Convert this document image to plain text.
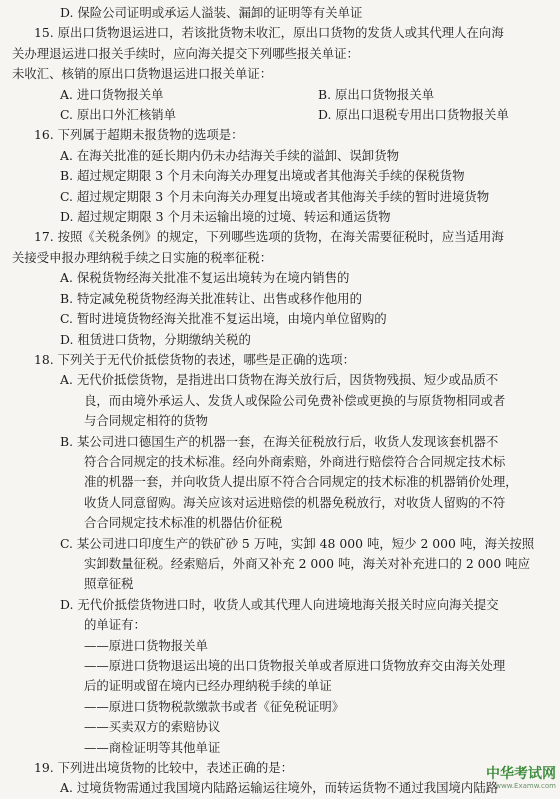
D. 保险公司证明或承运人溢装、漏卸的证明等有关单证
15. 原出口货物退运进口，若该批货物未收汇，原出口货物的发货人或其代理人在向海
关办理退运进口报关手续时，应向海关提交下列哪些报关单证：
未收汇、核销的原出口货物退运进口报关单证：
A. 进口货物报关单	B. 原出口货物报关单
C. 原出口外汇核销单	D. 原出口退税专用出口货物报关单
16. 下列属于超期未报货物的选项是：
A. 在海关批准的延长期内仍未办结海关手续的溢卸、误卸货物
B. 超过规定期限 3 个月未向海关办理复出境或者其他海关手续的保税货物
C. 超过规定期限 3 个月未向海关办理复出境或者其他海关手续的暂时进境货物
D. 超过规定期限 3 个月未运输出境的过境、转运和通运货物
17. 按照《关税条例》的规定，下列哪些选项的货物，在海关需要征税时，应当适用海
关接受申报办理纳税手续之日实施的税率征税：
A. 保税货物经海关批准不复运出境转为在境内销售的
B. 特定减免税货物经海关批准转让、出售或移作他用的
C. 暂时进境货物经海关批准不复运出境，由境内单位留购的
D. 租赁进口货物，分期缴纳关税的
18. 下列关于无代价抵偿货物的表述，哪些是正确的选项：
A. 无代价抵偿货物，是指进出口货物在海关放行后，因货物残损、短少或品质不
良，而由境外承运人、发货人或保险公司免费补偿或更换的与原货物相同或者
与合同规定相符的货物
B. 某公司进口德国生产的机器一套，在海关征税放行后，收货人发现该套机器不
符合合同规定的技术标准。经向外商索赔，外商进行赔偿符合合同规定技术标
准的机器一套，并向收货人提出原不符合合同规定的技术标准的机器销价处理，
收货人同意留购。海关应该对运进赔偿的机器免税放行，对收货人留购的不符
合合同规定技术标准的机器估价征税
C. 某公司进口印度生产的铁矿砂 5 万吨，实卸 48 000 吨，短少 2 000 吨，海关按照
实卸数量征税。经索赔后，外商又补充 2 000 吨，海关对补充进口的 2 000 吨应
照章征税
D. 无代价抵偿货物进口时，收货人或其代理人向进境地海关报关时应向海关提交
的单证有：
——原进口货物报关单
——原进口货物退运出境的出口货物报关单或者原进口货物放弃交由海关处理
后的证明或留在境内已经办理纳税手续的单证
——原进口货物税款缴款书或者《征免税证明》
——买卖双方的索赔协议
——商检证明等其他单证
19. 下列进出境货物的比较中，表述正确的是：
A. 过境货物需通过我国境内陆路运输运往境外，而转运货物不通过我国境内陆路
中华考试网
www.Examw.com
